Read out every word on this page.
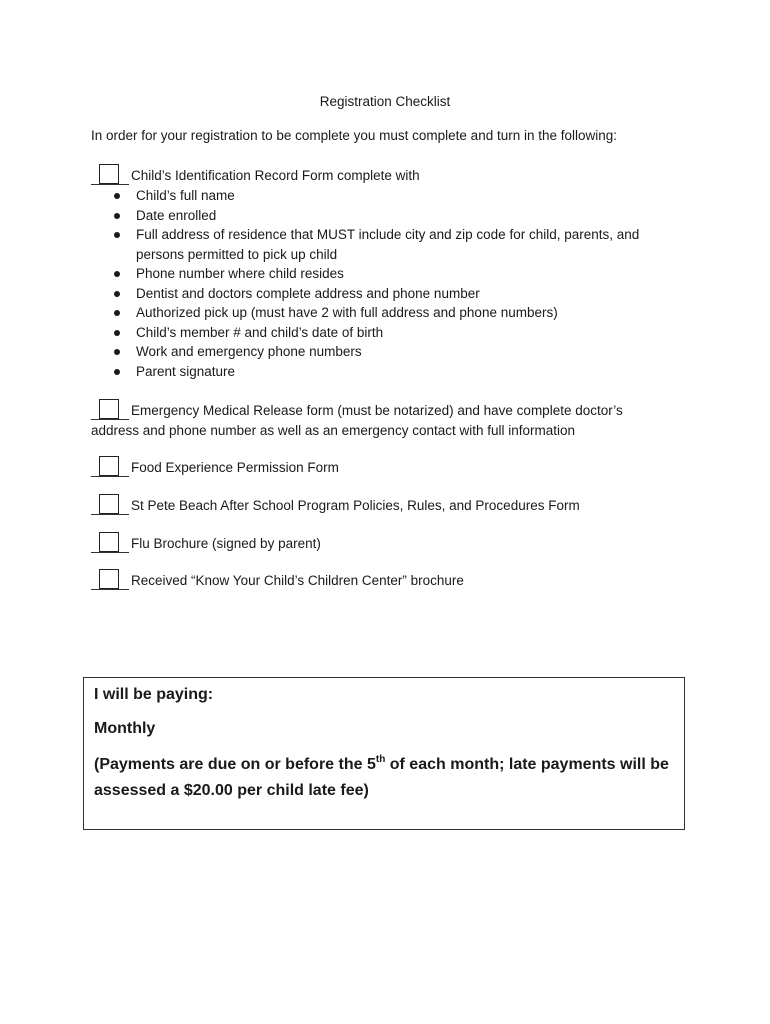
Registration Checklist
In order for your registration to be complete you must complete and turn in the following:
Child’s Identification Record Form complete with
Child’s full name
Date enrolled
Full address of residence that MUST include city and zip code for child, parents, and persons permitted to pick up child
Phone number where child resides
Dentist and doctors complete address and phone number
Authorized pick up (must have 2 with full address and phone numbers)
Child’s member # and child’s date of birth
Work and emergency phone numbers
Parent signature
Emergency Medical Release form (must be notarized) and have complete doctor’s
address and phone number as well as an emergency contact with full information
Food Experience Permission Form
St Pete Beach After School Program Policies, Rules, and Procedures Form
Flu Brochure (signed by parent)
Received “Know Your Child’s Children Center” brochure
I will be paying:
Monthly
(Payments are due on or before the 5th of each month; late payments will be assessed a $20.00 per child late fee)
